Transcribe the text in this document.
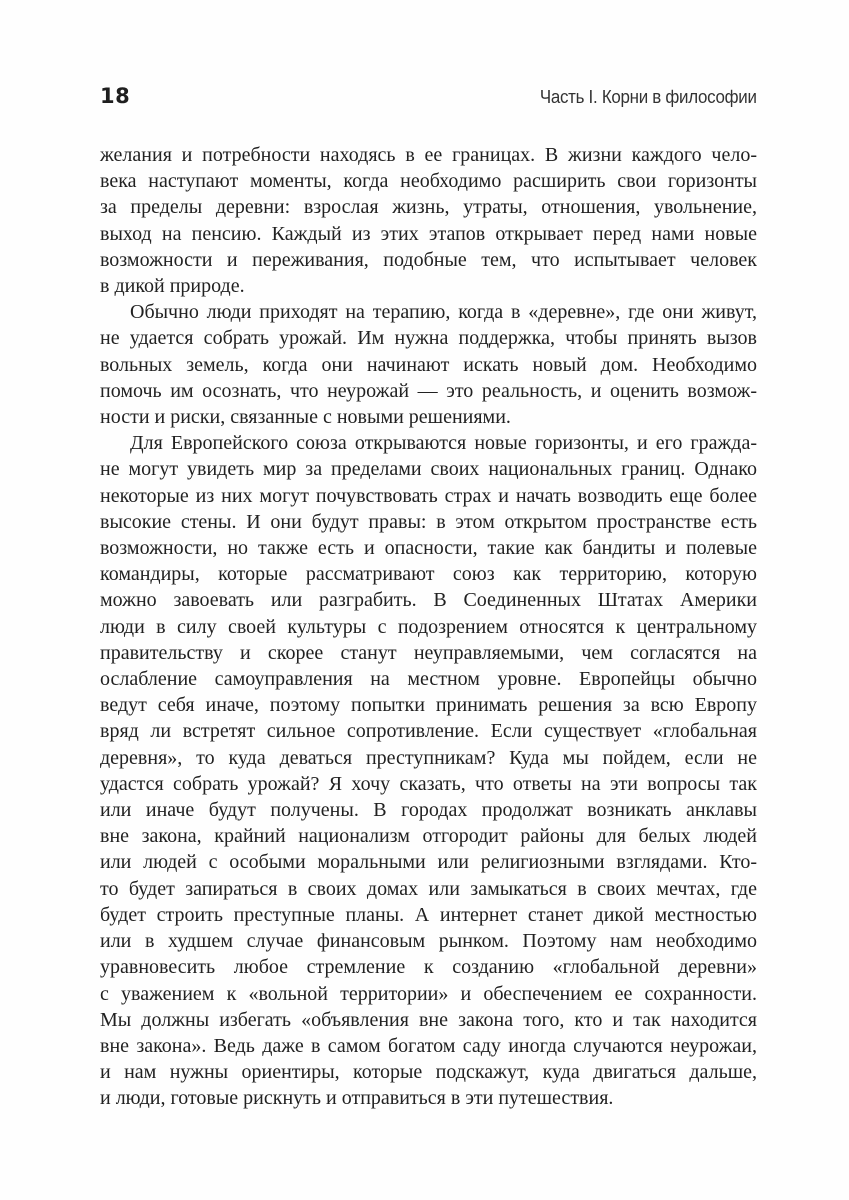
18	Часть I. Корни в философии
желания и потребности находясь в ее границах. В жизни каждого чело-
века наступают моменты, когда необходимо расширить свои горизонты
за пределы деревни: взрослая жизнь, утраты, отношения, увольнение,
выход на пенсию. Каждый из этих этапов открывает перед нами новые
возможности и переживания, подобные тем, что испытывает человек
в дикой природе.
Обычно люди приходят на терапию, когда в «деревне», где они живут,
не удается собрать урожай. Им нужна поддержка, чтобы принять вызов
вольных земель, когда они начинают искать новый дом. Необходимо
помочь им осознать, что неурожай — это реальность, и оценить возмож-
ности и риски, связанные с новыми решениями.
Для Европейского союза открываются новые горизонты, и его гражда-
не могут увидеть мир за пределами своих национальных границ. Однако
некоторые из них могут почувствовать страх и начать возводить еще более
высокие стены. И они будут правы: в этом открытом пространстве есть
возможности, но также есть и опасности, такие как бандиты и полевые
командиры, которые рассматривают союз как территорию, которую
можно завоевать или разграбить. В Соединенных Штатах Америки
люди в силу своей культуры с подозрением относятся к центральному
правительству и скорее станут неуправляемыми, чем согласятся на
ослабление самоуправления на местном уровне. Европейцы обычно
ведут себя иначе, поэтому попытки принимать решения за всю Европу
вряд ли встретят сильное сопротивление. Если существует «глобальная
деревня», то куда деваться преступникам? Куда мы пойдем, если не
удастся собрать урожай? Я хочу сказать, что ответы на эти вопросы так
или иначе будут получены. В городах продолжат возникать анклавы
вне закона, крайний национализм отгородит районы для белых людей
или людей с особыми моральными или религиозными взглядами. Кто-
то будет запираться в своих домах или замыкаться в своих мечтах, где
будет строить преступные планы. А интернет станет дикой местностью
или в худшем случае финансовым рынком. Поэтому нам необходимо
уравновесить любое стремление к созданию «глобальной деревни»
с уважением к «вольной территории» и обеспечением ее сохранности.
Мы должны избегать «объявления вне закона того, кто и так находится
вне закона». Ведь даже в самом богатом саду иногда случаются неурожаи,
и нам нужны ориентиры, которые подскажут, куда двигаться дальше,
и люди, готовые рискнуть и отправиться в эти путешествия.
